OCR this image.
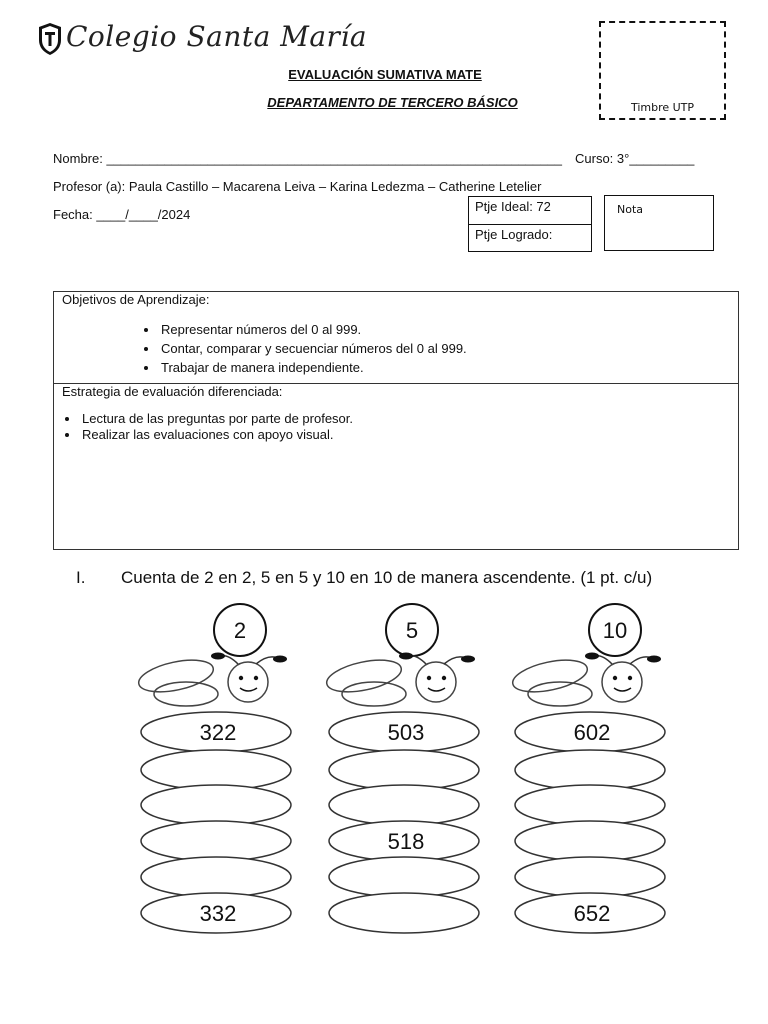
Colegio Santa María
EVALUACIÓN SUMATIVA MATE
DEPARTAMENTO DE TERCERO BÁSICO	Timbre UTP
Nombre: _______________________________________________________________ Curso: 3°_________
Profesor (a): Paula Castillo – Macarena Leiva – Karina Ledezma – Catherine Letelier
Fecha: ____/____/2024
Ptje Ideal: 72
Ptje Logrado:
Nota
Objetivos de Aprendizaje:
• Representar números del 0 al 999.
• Contar, comparar y secuenciar números del 0 al 999.
• Trabajar de manera independiente.
Estrategia de evaluación diferenciada:
• Lectura de las preguntas por parte de profesor.
• Realizar las evaluaciones con apoyo visual.
I. Cuenta de 2 en 2, 5 en 5 y 10 en 10 de manera ascendente. (1 pt. c/u)
2
322
332
5
503
518
10
602
652
